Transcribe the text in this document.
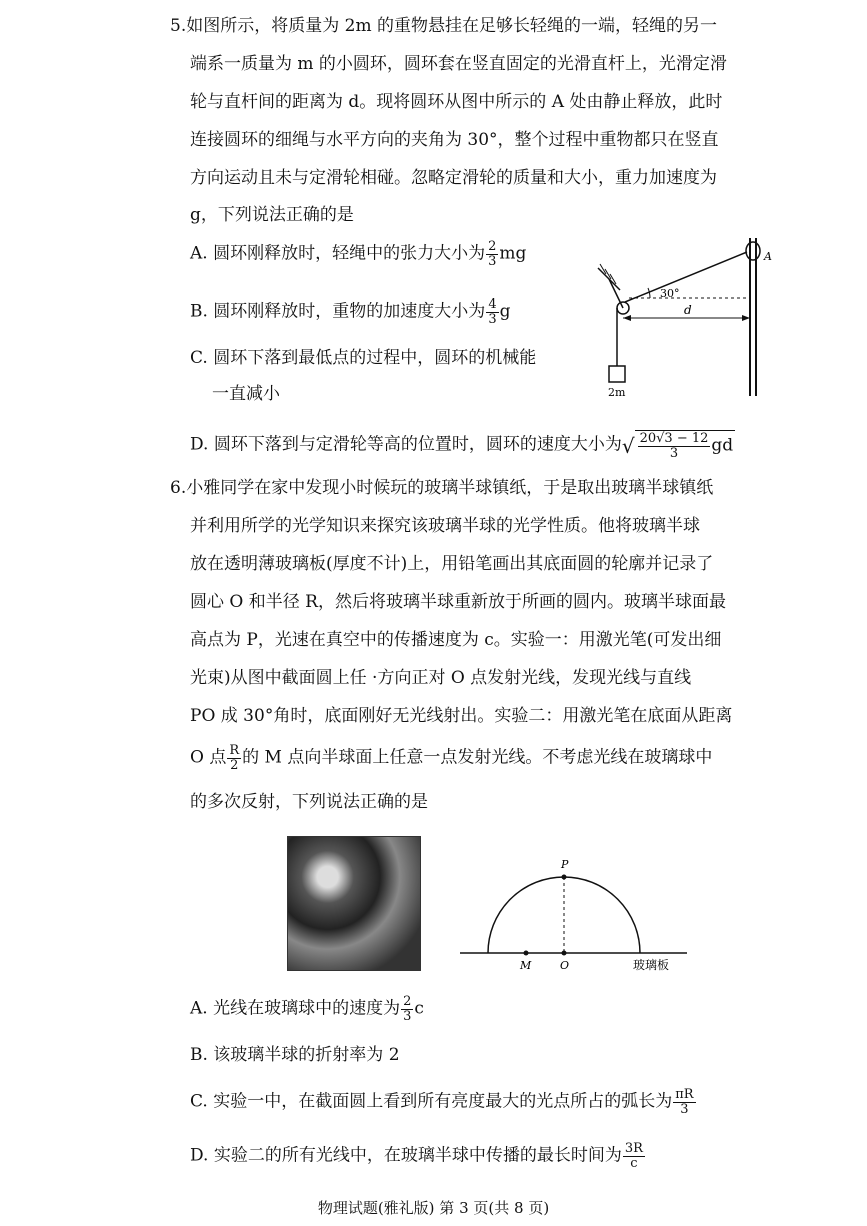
5.如图所示，将质量为 2m 的重物悬挂在足够长轻绳的一端，轻绳的另一
端系一质量为 m 的小圆环，圆环套在竖直固定的光滑直杆上，光滑定滑
轮与直杆间的距离为 d。现将圆环从图中所示的 A 处由静止释放，此时
连接圆环的细绳与水平方向的夹角为 30°，整个过程中重物都只在竖直
方向运动且未与定滑轮相碰。忽略定滑轮的质量和大小，重力加速度为
g，下列说法正确的是
A. 圆环刚释放时，轻绳中的张力大小为 $\frac{2}{3}$ mg
B. 圆环刚释放时，重物的加速度大小为 $\frac{4}{3}$ g
C. 圆环下落到最低点的过程中，圆环的机械能
一直减小
D. 圆环下落到与定滑轮等高的位置时，圆环的速度大小为√ $\frac{20√3 - 12}{3}$ gd
30°
d
A
2m
6.小雅同学在家中发现小时候玩的玻璃半球镇纸，于是取出玻璃半球镇纸
并利用所学的光学知识来探究该玻璃半球的光学性质。他将玻璃半球
放在透明薄玻璃板(厚度不计)上，用铅笔画出其底面圆的轮廓并记录了
圆心 O 和半径 R，然后将玻璃半球重新放于所画的圆内。玻璃半球面最
高点为 P，光速在真空中的传播速度为 c。实验一：用激光笔(可发出细
光束)从图中截面圆上任 ·方向正对 O 点发射光线，发现光线与直线
PO 成 30°角时，底面刚好无光线射出。实验二：用激光笔在底面从距离
O 点 $\frac{R}{2}$ 的 M 点向半球面上任意一点发射光线。不考虑光线在玻璃球中
的多次反射，下列说法正确的是
P
M	O	玻璃板
A. 光线在玻璃球中的速度为 $\frac{2}{3}$ c
B. 该玻璃半球的折射率为 2
C. 实验一中，在截面圆上看到所有亮度最大的光点所占的弧长为 $\frac{\pi R}{3}$
D. 实验二的所有光线中，在玻璃半球中传播的最长时间为 $\frac{3R}{c}$
物理试题(雅礼版) 第 3 页(共 8 页)
